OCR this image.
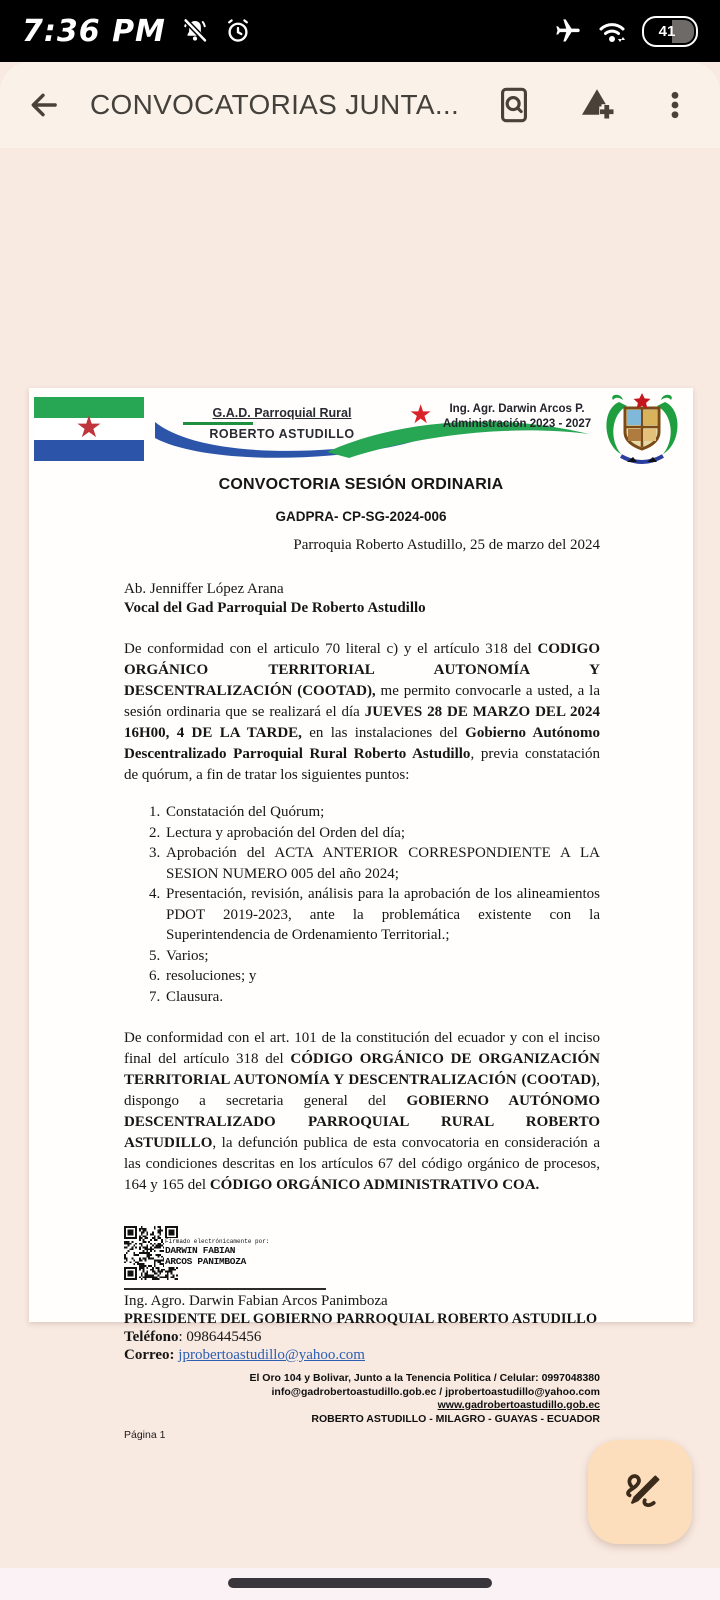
7:36 PM	41
CONVOCATORIAS JUNTA...
★	G.A.D. Parroquial Rural
ROBERTO ASTUDILLO
★	Ing. Agr. Darwin Arcos P.
Administración 2023 - 2027
CONVOCTORIA SESIÓN ORDINARIA
GADPRA- CP-SG-2024-006
Parroquia Roberto Astudillo, 25 de marzo del 2024
Ab. Jenniffer López Arana
Vocal del Gad Parroquial De Roberto Astudillo

De conformidad con el articulo 70 literal c) y el artículo 318 del CODIGO ORGÁNICO TERRITORIAL AUTONOMÍA Y DESCENTRALIZACIÓN (COOTAD), me permito convocarle a usted, a la sesión ordinaria que se realizará el día JUEVES 28 DE MARZO DEL 2024 16H00, 4 DE LA TARDE, en las instalaciones del Gobierno Autónomo Descentralizado Parroquial Rural Roberto Astudillo, previa constatación de quórum, a fin de tratar los siguientes puntos:

1. Constatación del Quórum;
2. Lectura y aprobación del Orden del día;
3. Aprobación del ACTA ANTERIOR CORRESPONDIENTE A LA SESION NUMERO 005 del año 2024;
4. Presentación, revisión, análisis para la aprobación de los alineamientos PDOT 2019-2023, ante la problemática existente con la Superintendencia de Ordenamiento Territorial.;
5. Varios;
6. resoluciones; y
7. Clausura.

De conformidad con el art. 101 de la constitución del ecuador y con el inciso final del artículo 318 del CÓDIGO ORGÁNICO DE ORGANIZACIÓN TERRITORIAL AUTONOMÍA Y DESCENTRALIZACIÓN (COOTAD), dispongo a secretaria general del GOBIERNO AUTÓNOMO DESCENTRALIZADO PARROQUIAL RURAL ROBERTO ASTUDILLO, la defunción publica de esta convocatoria en consideración a las condiciones descritas en los artículos 67 del código orgánico de procesos, 164 y 165 del CÓDIGO ORGÁNICO ADMINISTRATIVO COA.

Firmado electrónicamente por:
DARWIN FABIAN
ARCOS PANIMBOZA
Ing. Agro. Darwin Fabian Arcos Panimboza
PRESIDENTE DEL GOBIERNO PARROQUIAL ROBERTO ASTUDILLO
Teléfono: 0986445456
Correo: jprobertoastudillo@yahoo.com
El Oro 104 y Bolivar, Junto a la Tenencia Politica / Celular: 0997048380
info@gadrobertoastudillo.gob.ec / jprobertoastudillo@yahoo.com
www.gadrobertoastudillo.gob.ec
ROBERTO ASTUDILLO - MILAGRO - GUAYAS - ECUADOR
Página 1
